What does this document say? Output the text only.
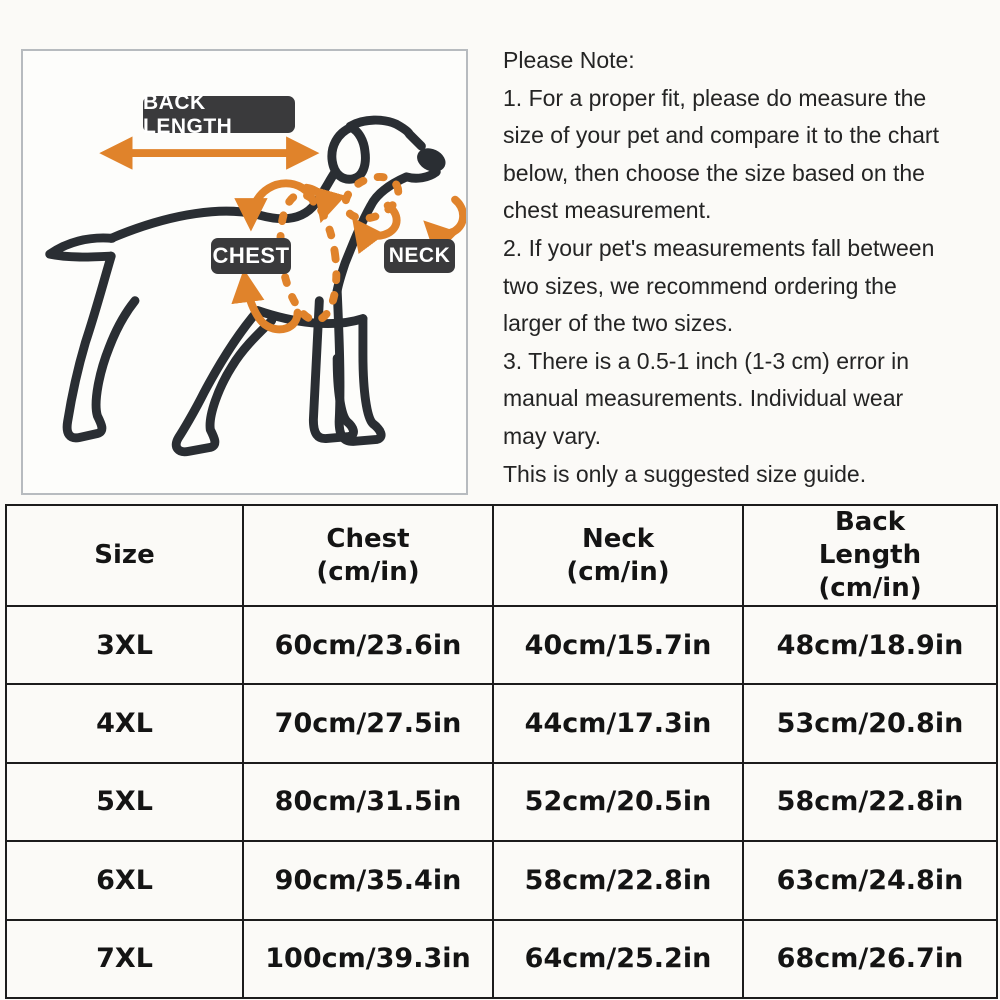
BACK LENGTH
CHEST	NECK
Please Note:
1. For a proper fit, please do measure the
size of your pet and compare it to the chart
below, then choose the size based on the
chest measurement.
2. If your pet's measurements fall between
two sizes, we recommend ordering the
larger of the two sizes.
3. There is a 0.5-1 inch (1-3 cm) error in
manual measurements. Individual wear
may vary.
This is only a suggested size guide.
Size

Chest
(cm/in)

Neck
(cm/in)

Back
Length
(cm/in)

3XL	60cm/23.6in	40cm/15.7in	48cm/18.9in
4XL	70cm/27.5in	44cm/17.3in	53cm/20.8in
5XL	80cm/31.5in	52cm/20.5in	58cm/22.8in
6XL	90cm/35.4in	58cm/22.8in	63cm/24.8in
7XL	100cm/39.3in	64cm/25.2in	68cm/26.7in
